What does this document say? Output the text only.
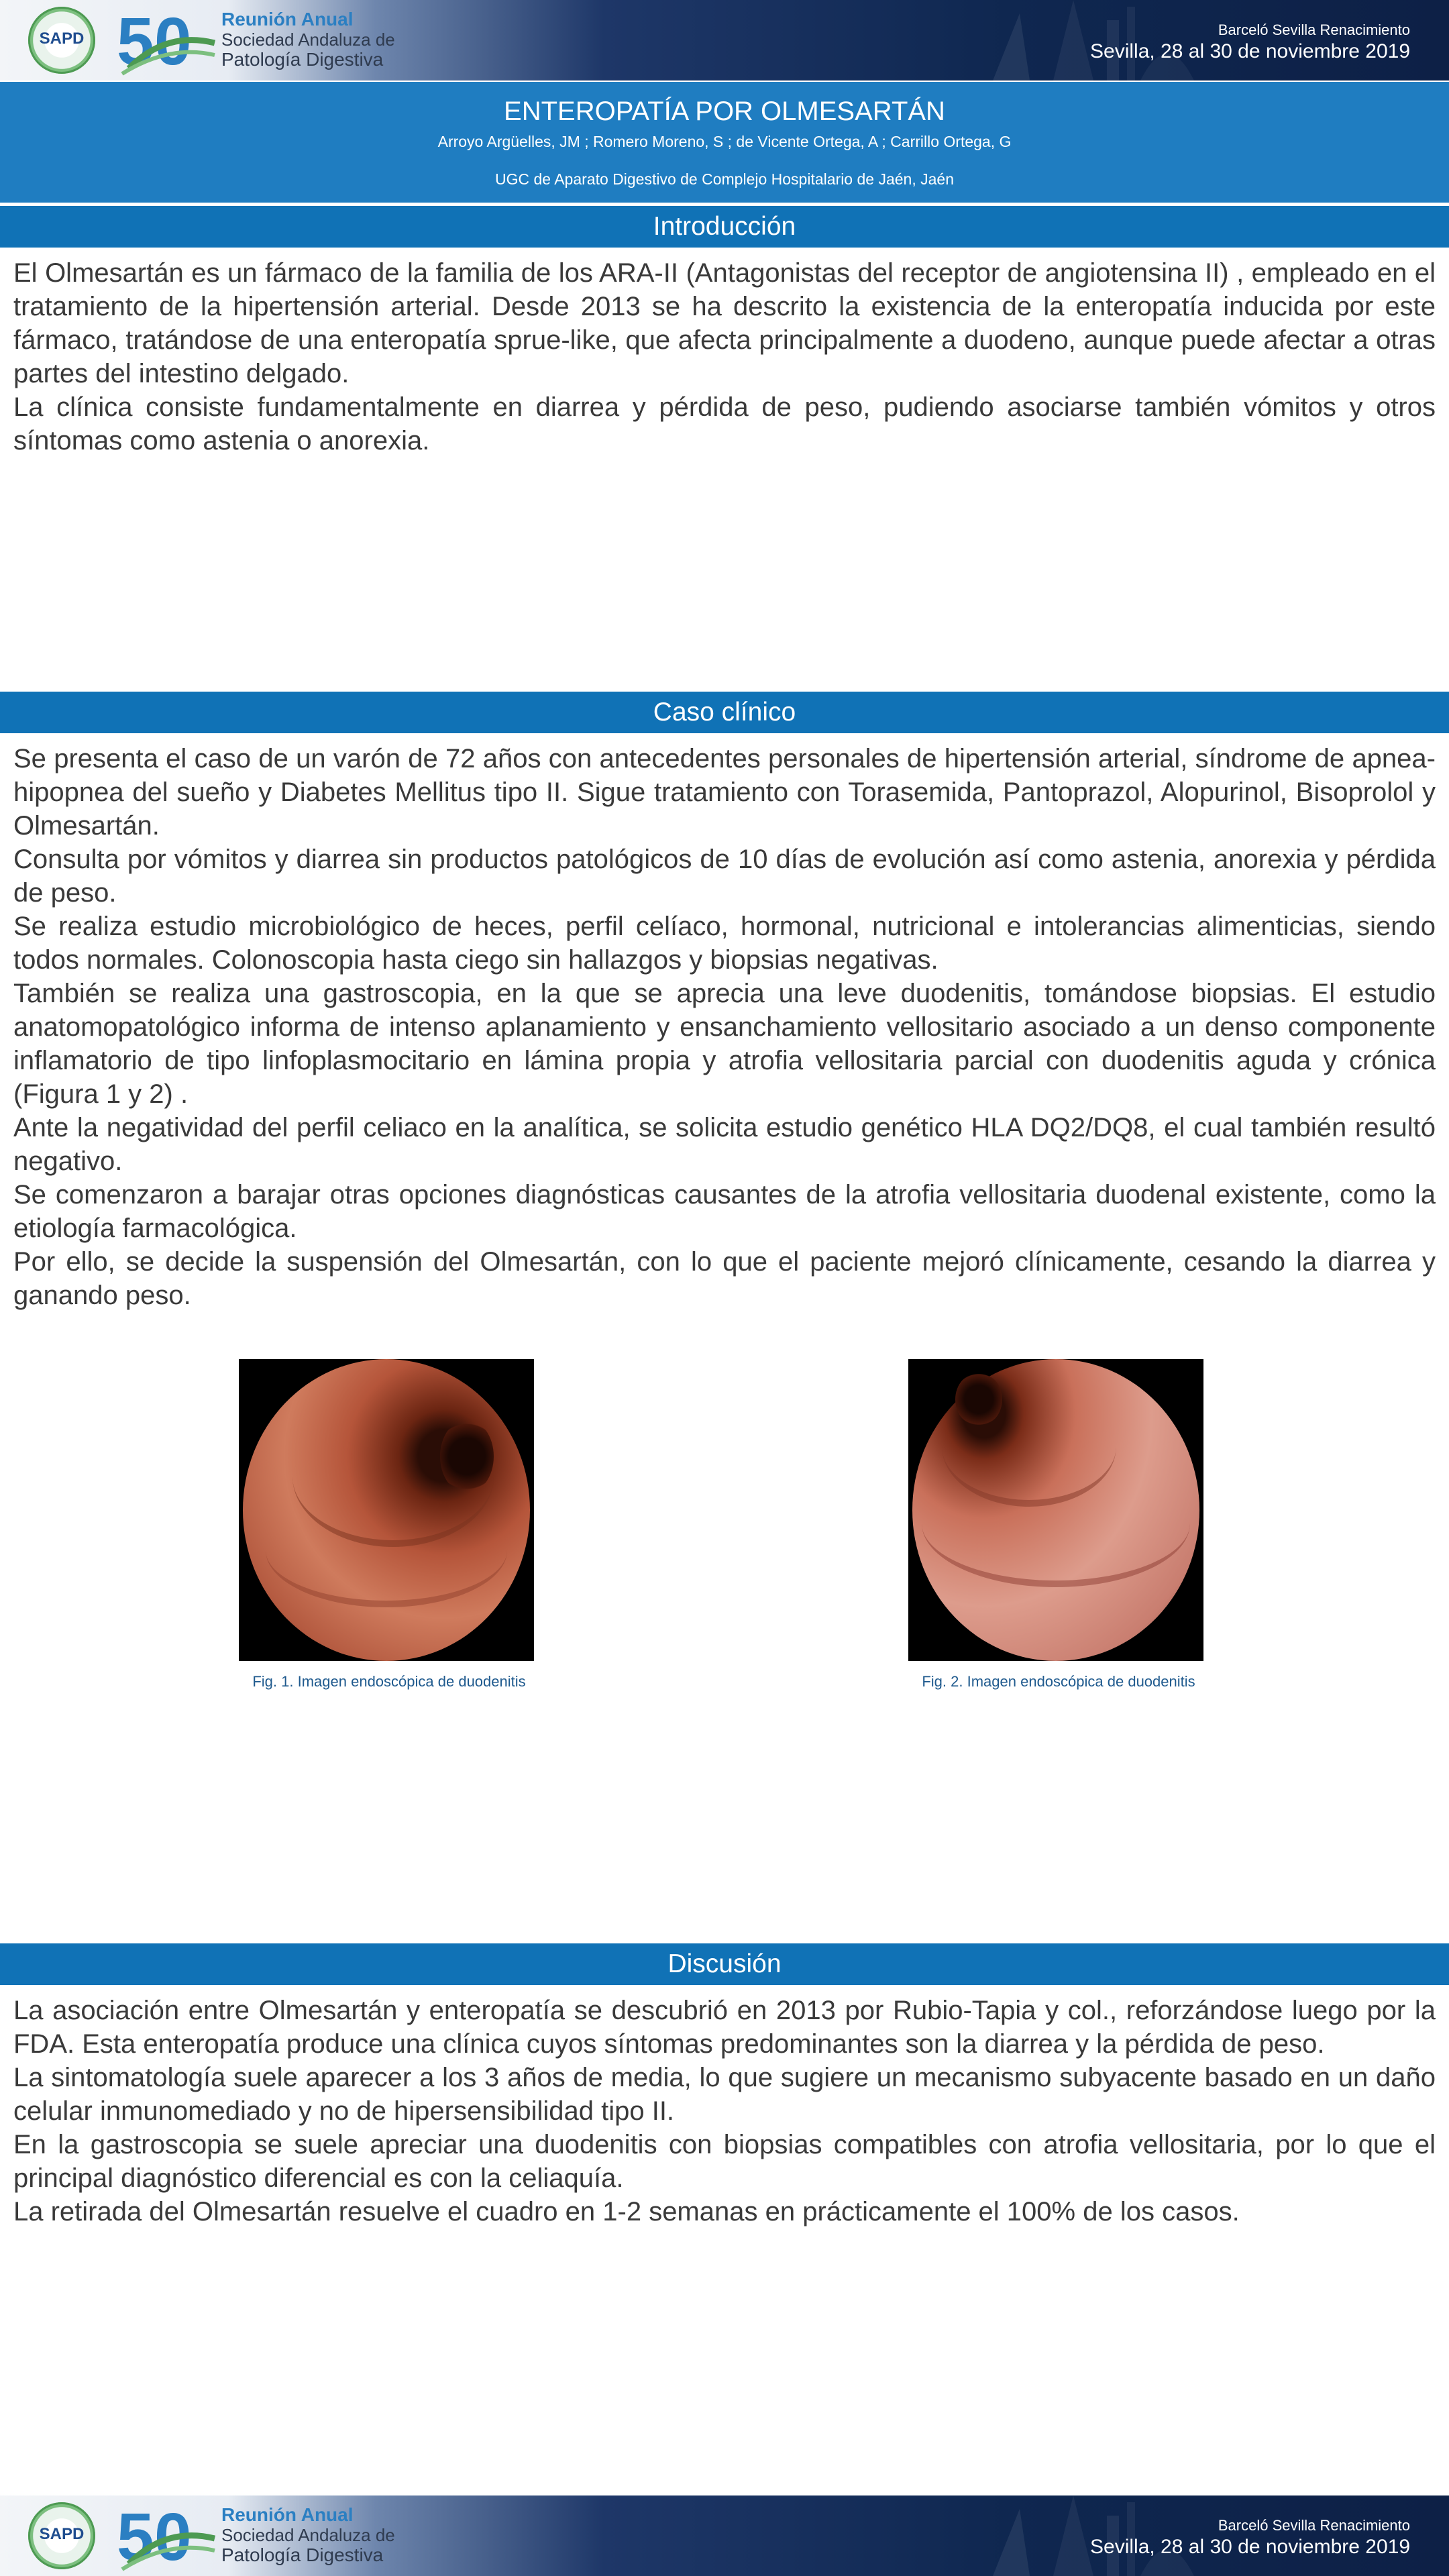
SAPD 5 0 Reunión Anual
Sociedad Andaluza de
Patología Digestiva
Barceló Sevilla Renacimiento
Sevilla, 28 al 30 de noviembre 2019
ENTEROPATÍA POR OLMESARTÁN
Arroyo Argüelles, JM ; Romero Moreno, S ; de Vicente Ortega, A ; Carrillo Ortega, G
UGC de Aparato Digestivo de Complejo Hospitalario de Jaén, Jaén
Introducción

El Olmesartán es un fármaco de la familia de los ARA-II (Antagonistas del receptor de angiotensina II) , empleado en el tratamiento de la hipertensión arterial. Desde 2013 se ha descrito la existencia de la enteropatía inducida por este fármaco, tratándose de una enteropatía sprue-like, que afecta principalmente a duodeno, aunque puede afectar a otras partes del intestino delgado.

La clínica consiste fundamentalmente en diarrea y pérdida de peso, pudiendo asociarse también vómitos y otros síntomas como astenia o anorexia.

Caso clínico

Se presenta el caso de un varón de 72 años con antecedentes personales de hipertensión arterial, síndrome de apnea-hipopnea del sueño y Diabetes Mellitus tipo II. Sigue tratamiento con Torasemida, Pantoprazol, Alopurinol, Bisoprolol y Olmesartán.

Consulta por vómitos y diarrea sin productos patológicos de 10 días de evolución así como astenia, anorexia y pérdida de peso.

Se realiza estudio microbiológico de heces, perfil celíaco, hormonal, nutricional e intolerancias alimenticias, siendo todos normales. Colonoscopia hasta ciego sin hallazgos y biopsias negativas.

También se realiza una gastroscopia, en la que se aprecia una leve duodenitis, tomándose biopsias. El estudio anatomopatológico informa de intenso aplanamiento y ensanchamiento vellositario asociado a un denso componente inflamatorio de tipo linfoplasmocitario en lámina propia y atrofia vellositaria parcial con duodenitis aguda y crónica (Figura 1 y 2) .

Ante la negatividad del perfil celiaco en la analítica, se solicita estudio genético HLA DQ2/DQ8, el cual también resultó negativo.

Se comenzaron a barajar otras opciones diagnósticas causantes de la atrofia vellositaria duodenal existente, como la etiología farmacológica.

Por ello, se decide la suspensión del Olmesartán, con lo que el paciente mejoró clínicamente, cesando la diarrea y ganando peso.

Fig. 1. Imagen endoscópica de duodenitis	Fig. 2. Imagen endoscópica de duodenitis
Discusión

La asociación entre Olmesartán y enteropatía se descubrió en 2013 por Rubio-Tapia y col., reforzándose luego por la FDA. Esta enteropatía produce una clínica cuyos síntomas predominantes son la diarrea y la pérdida de peso.

La sintomatología suele aparecer a los 3 años de media, lo que sugiere un mecanismo subyacente basado en un daño celular inmunomediado y no de hipersensibilidad tipo II.

En la gastroscopia se suele apreciar una duodenitis con biopsias compatibles con atrofia vellositaria, por lo que el principal diagnóstico diferencial es con la celiaquía.

La retirada del Olmesartán resuelve el cuadro en 1-2 semanas en prácticamente el 100% de los casos.

SAPD 5 0 Reunión Anual
Sociedad Andaluza de
Patología Digestiva
Barceló Sevilla Renacimiento
Sevilla, 28 al 30 de noviembre 2019
